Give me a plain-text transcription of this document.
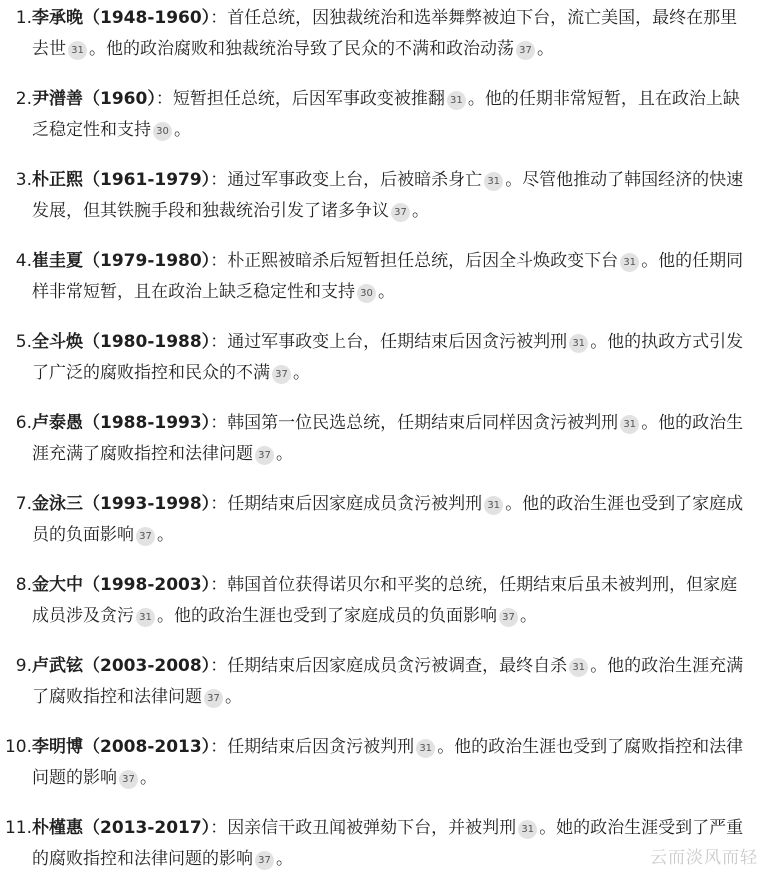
1. 李承晚（1948-1960）：首任总统，因独裁统治和选举舞弊被迫下台，流亡美国，最终在那里去世 31 。他的政治腐败和独裁统治导致了民众的不满和政治动荡 37 。
2. 尹潽善（1960）：短暂担任总统，后因军事政变被推翻 31 。他的任期非常短暂，且在政治上缺乏稳定性和支持 30 。
3. 朴正熙（1961-1979）：通过军事政变上台，后被暗杀身亡 31 。尽管他推动了韩国经济的快速发展，但其铁腕手段和独裁统治引发了诸多争议 37 。
4. 崔圭夏（1979-1980）：朴正熙被暗杀后短暂担任总统，后因全斗焕政变下台 31 。他的任期同样非常短暂，且在政治上缺乏稳定性和支持 30 。
5. 全斗焕（1980-1988）：通过军事政变上台，任期结束后因贪污被判刑 31 。他的执政方式引发了广泛的腐败指控和民众的不满 37 。
6. 卢泰愚（1988-1993）：韩国第一位民选总统，任期结束后同样因贪污被判刑 31 。他的政治生涯充满了腐败指控和法律问题 37 。
7. 金泳三（1993-1998）：任期结束后因家庭成员贪污被判刑 31 。他的政治生涯也受到了家庭成员的负面影响 37 。
8. 金大中（1998-2003）：韩国首位获得诺贝尔和平奖的总统，任期结束后虽未被判刑，但家庭成员涉及贪污 31 。他的政治生涯也受到了家庭成员的负面影响 37 。
9. 卢武铉（2003-2008）：任期结束后因家庭成员贪污被调查，最终自杀 31 。他的政治生涯充满了腐败指控和法律问题 37 。
10. 李明博（2008-2013）：任期结束后因贪污被判刑 31 。他的政治生涯也受到了腐败指控和法律问题的影响 37 。
11. 朴槿惠（2013-2017）：因亲信干政丑闻被弹劾下台，并被判刑 31 。她的政治生涯受到了严重的腐败指控和法律问题的影响 37 。	云而淡风而轻
